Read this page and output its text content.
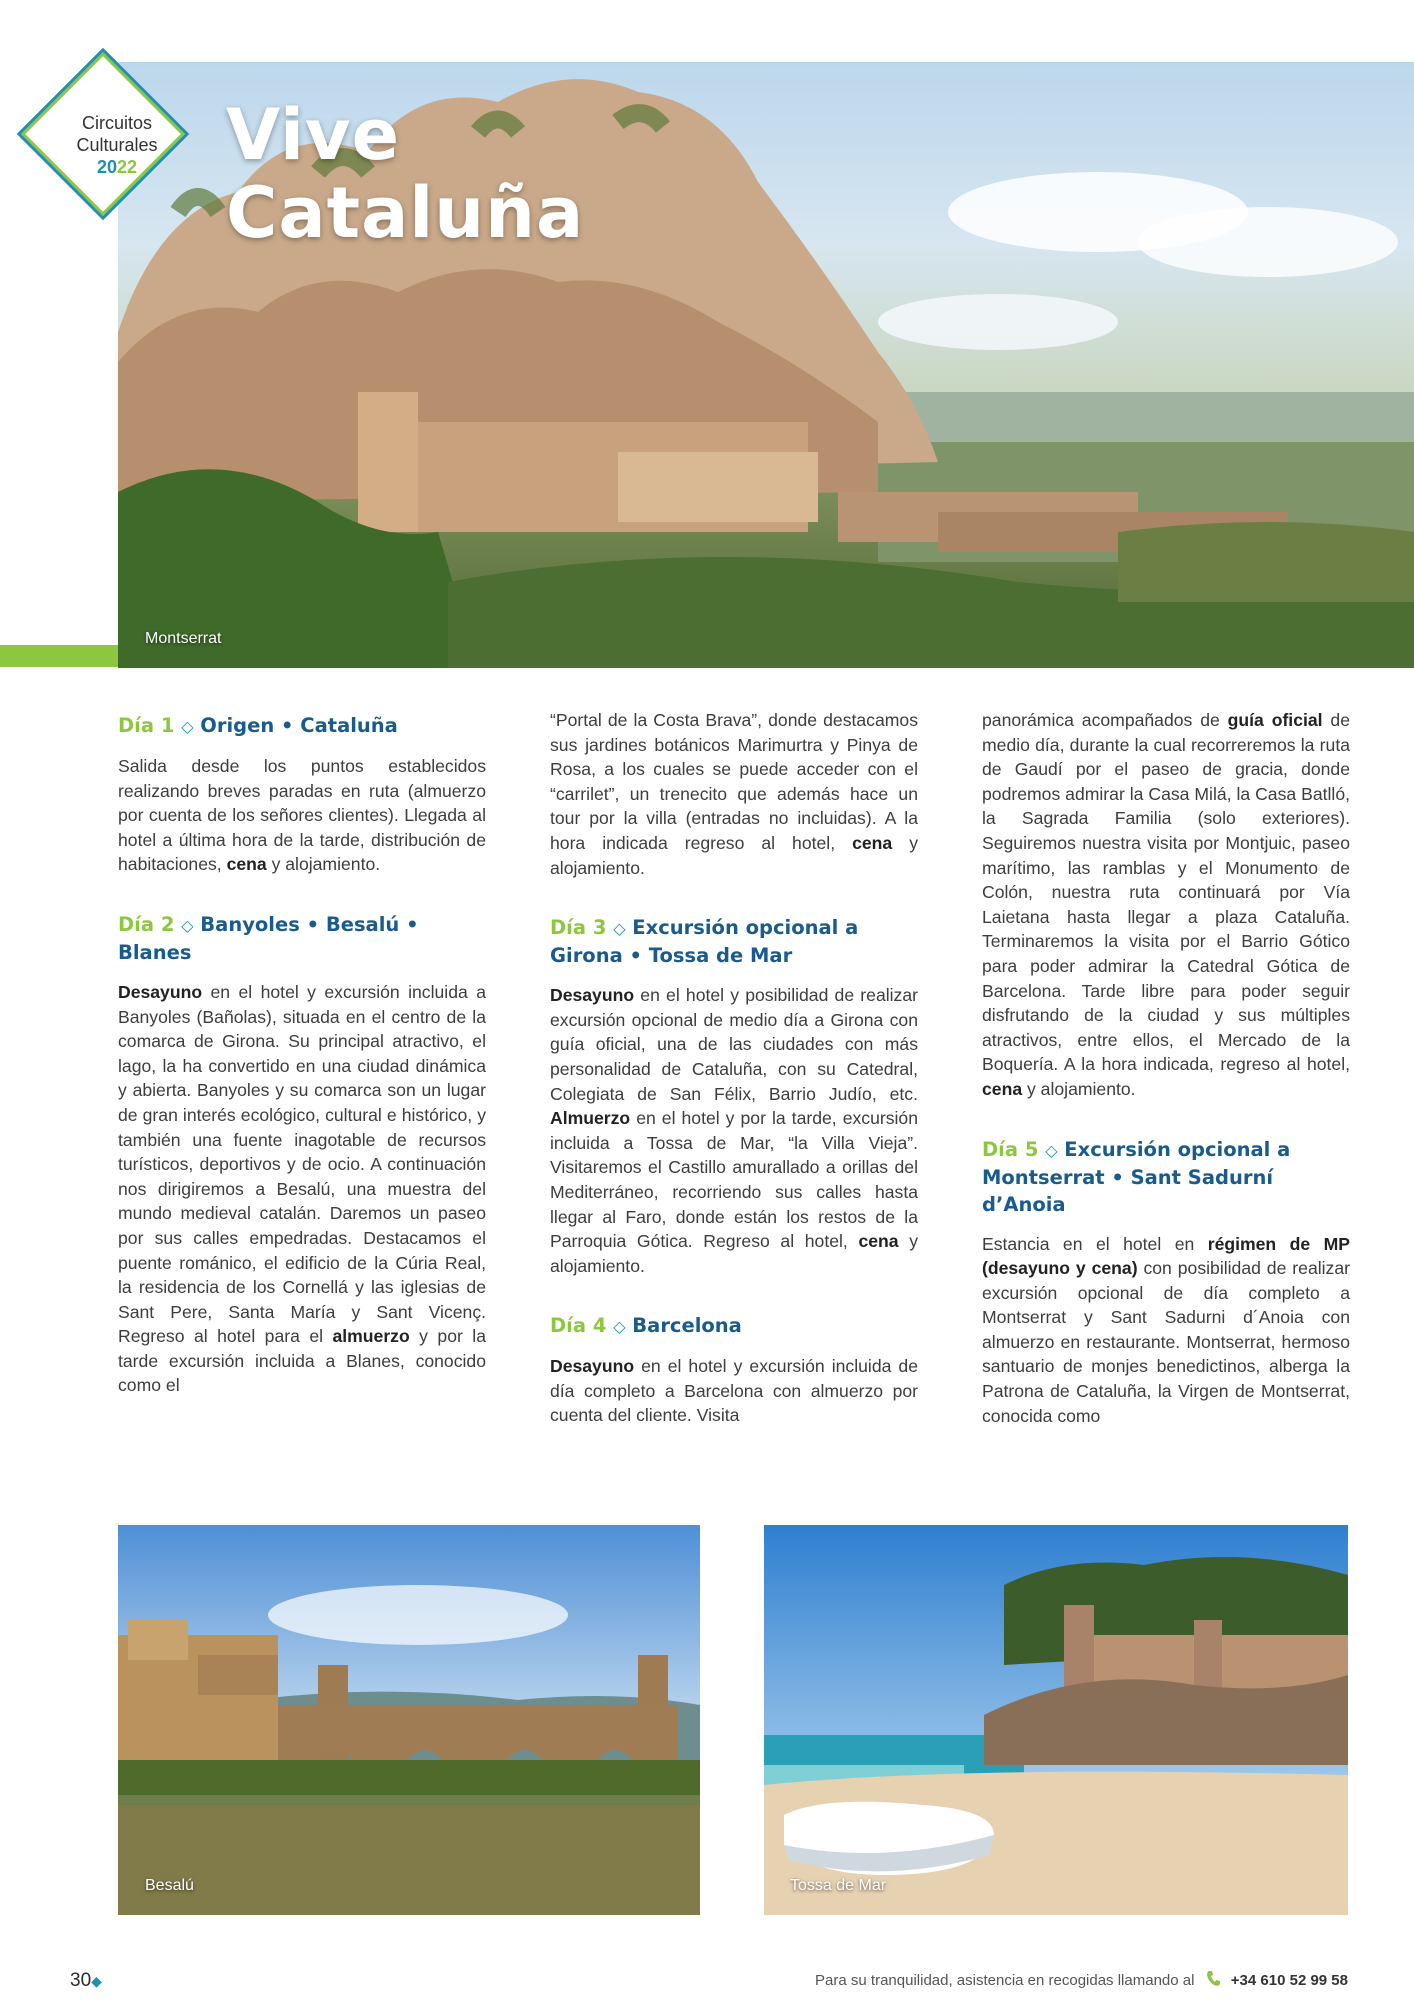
Vive
Cataluña
Montserrat
Circuitos
Culturales
2022
Día 1 ◇ Origen • Cataluña

Salida desde los puntos establecidos realizando breves paradas en ruta (almuerzo por cuenta de los señores clientes). Llegada al hotel a última hora de la tarde, distribución de habitaciones, cena y alojamiento.

Día 2 ◇ Banyoles • Besalú • Blanes

Desayuno en el hotel y excursión incluida a Banyoles (Bañolas), situada en el centro de la comarca de Girona. Su principal atractivo, el lago, la ha convertido en una ciudad dinámica y abierta. Banyoles y su comarca son un lugar de gran interés ecológico, cultural e histórico, y también una fuente inagotable de recursos turísticos, deportivos y de ocio. A continuación nos dirigiremos a Besalú, una muestra del mundo medieval catalán. Daremos un paseo por sus calles empedradas. Destacamos el puente románico, el edificio de la Cúria Real, la residencia de los Cornellá y las iglesias de Sant Pere, Santa María y Sant Vicenç. Regreso al hotel para el almuerzo y por la tarde excursión incluida a Blanes, conocido como el

“Portal de la Costa Brava”, donde destacamos sus jardines botánicos Marimurtra y Pinya de Rosa, a los cuales se puede acceder con el “carrilet”, un trenecito que además hace un tour por la villa (entradas no incluidas). A la hora indicada regreso al hotel, cena y alojamiento.

Día 3 ◇ Excursión opcional a Girona • Tossa de Mar

Desayuno en el hotel y posibilidad de realizar excursión opcional de medio día a Girona con guía oficial, una de las ciudades con más personalidad de Cataluña, con su Catedral, Colegiata de San Félix, Barrio Judío, etc. Almuerzo en el hotel y por la tarde, excursión incluida a Tossa de Mar, “la Villa Vieja”. Visitaremos el Castillo amurallado a orillas del Mediterráneo, recorriendo sus calles hasta llegar al Faro, donde están los restos de la Parroquia Gótica. Regreso al hotel, cena y alojamiento.

Día 4 ◇ Barcelona

Desayuno en el hotel y excursión incluida de día completo a Barcelona con almuerzo por cuenta del cliente. Visita

panorámica acompañados de guía oficial de medio día, durante la cual recorreremos la ruta de Gaudí por el paseo de gracia, donde podremos admirar la Casa Milá, la Casa Batlló, la Sagrada Familia (solo exteriores). Seguiremos nuestra visita por Montjuic, paseo marítimo, las ramblas y el Monumento de Colón, nuestra ruta continuará por Vía Laietana hasta llegar a plaza Cataluña. Terminaremos la visita por el Barrio Gótico para poder admirar la Catedral Gótica de Barcelona. Tarde libre para poder seguir disfrutando de la ciudad y sus múltiples atractivos, entre ellos, el Mercado de la Boquería. A la hora indicada, regreso al hotel, cena y alojamiento.

Día 5 ◇ Excursión opcional a Montserrat • Sant Sadurní d’Anoia

Estancia en el hotel en régimen de MP (desayuno y cena) con posibilidad de realizar excursión opcional de día completo a Montserrat y Sant Sadurni d´Anoia con almuerzo en restaurante. Montserrat, hermoso santuario de monjes benedictinos, alberga la Patrona de Cataluña, la Virgen de Montserrat, conocida como

Besalú	Tossa de Mar
30◆	Para su tranquilidad, asistencia en recogidas llamando al +34 610 52 99 58
